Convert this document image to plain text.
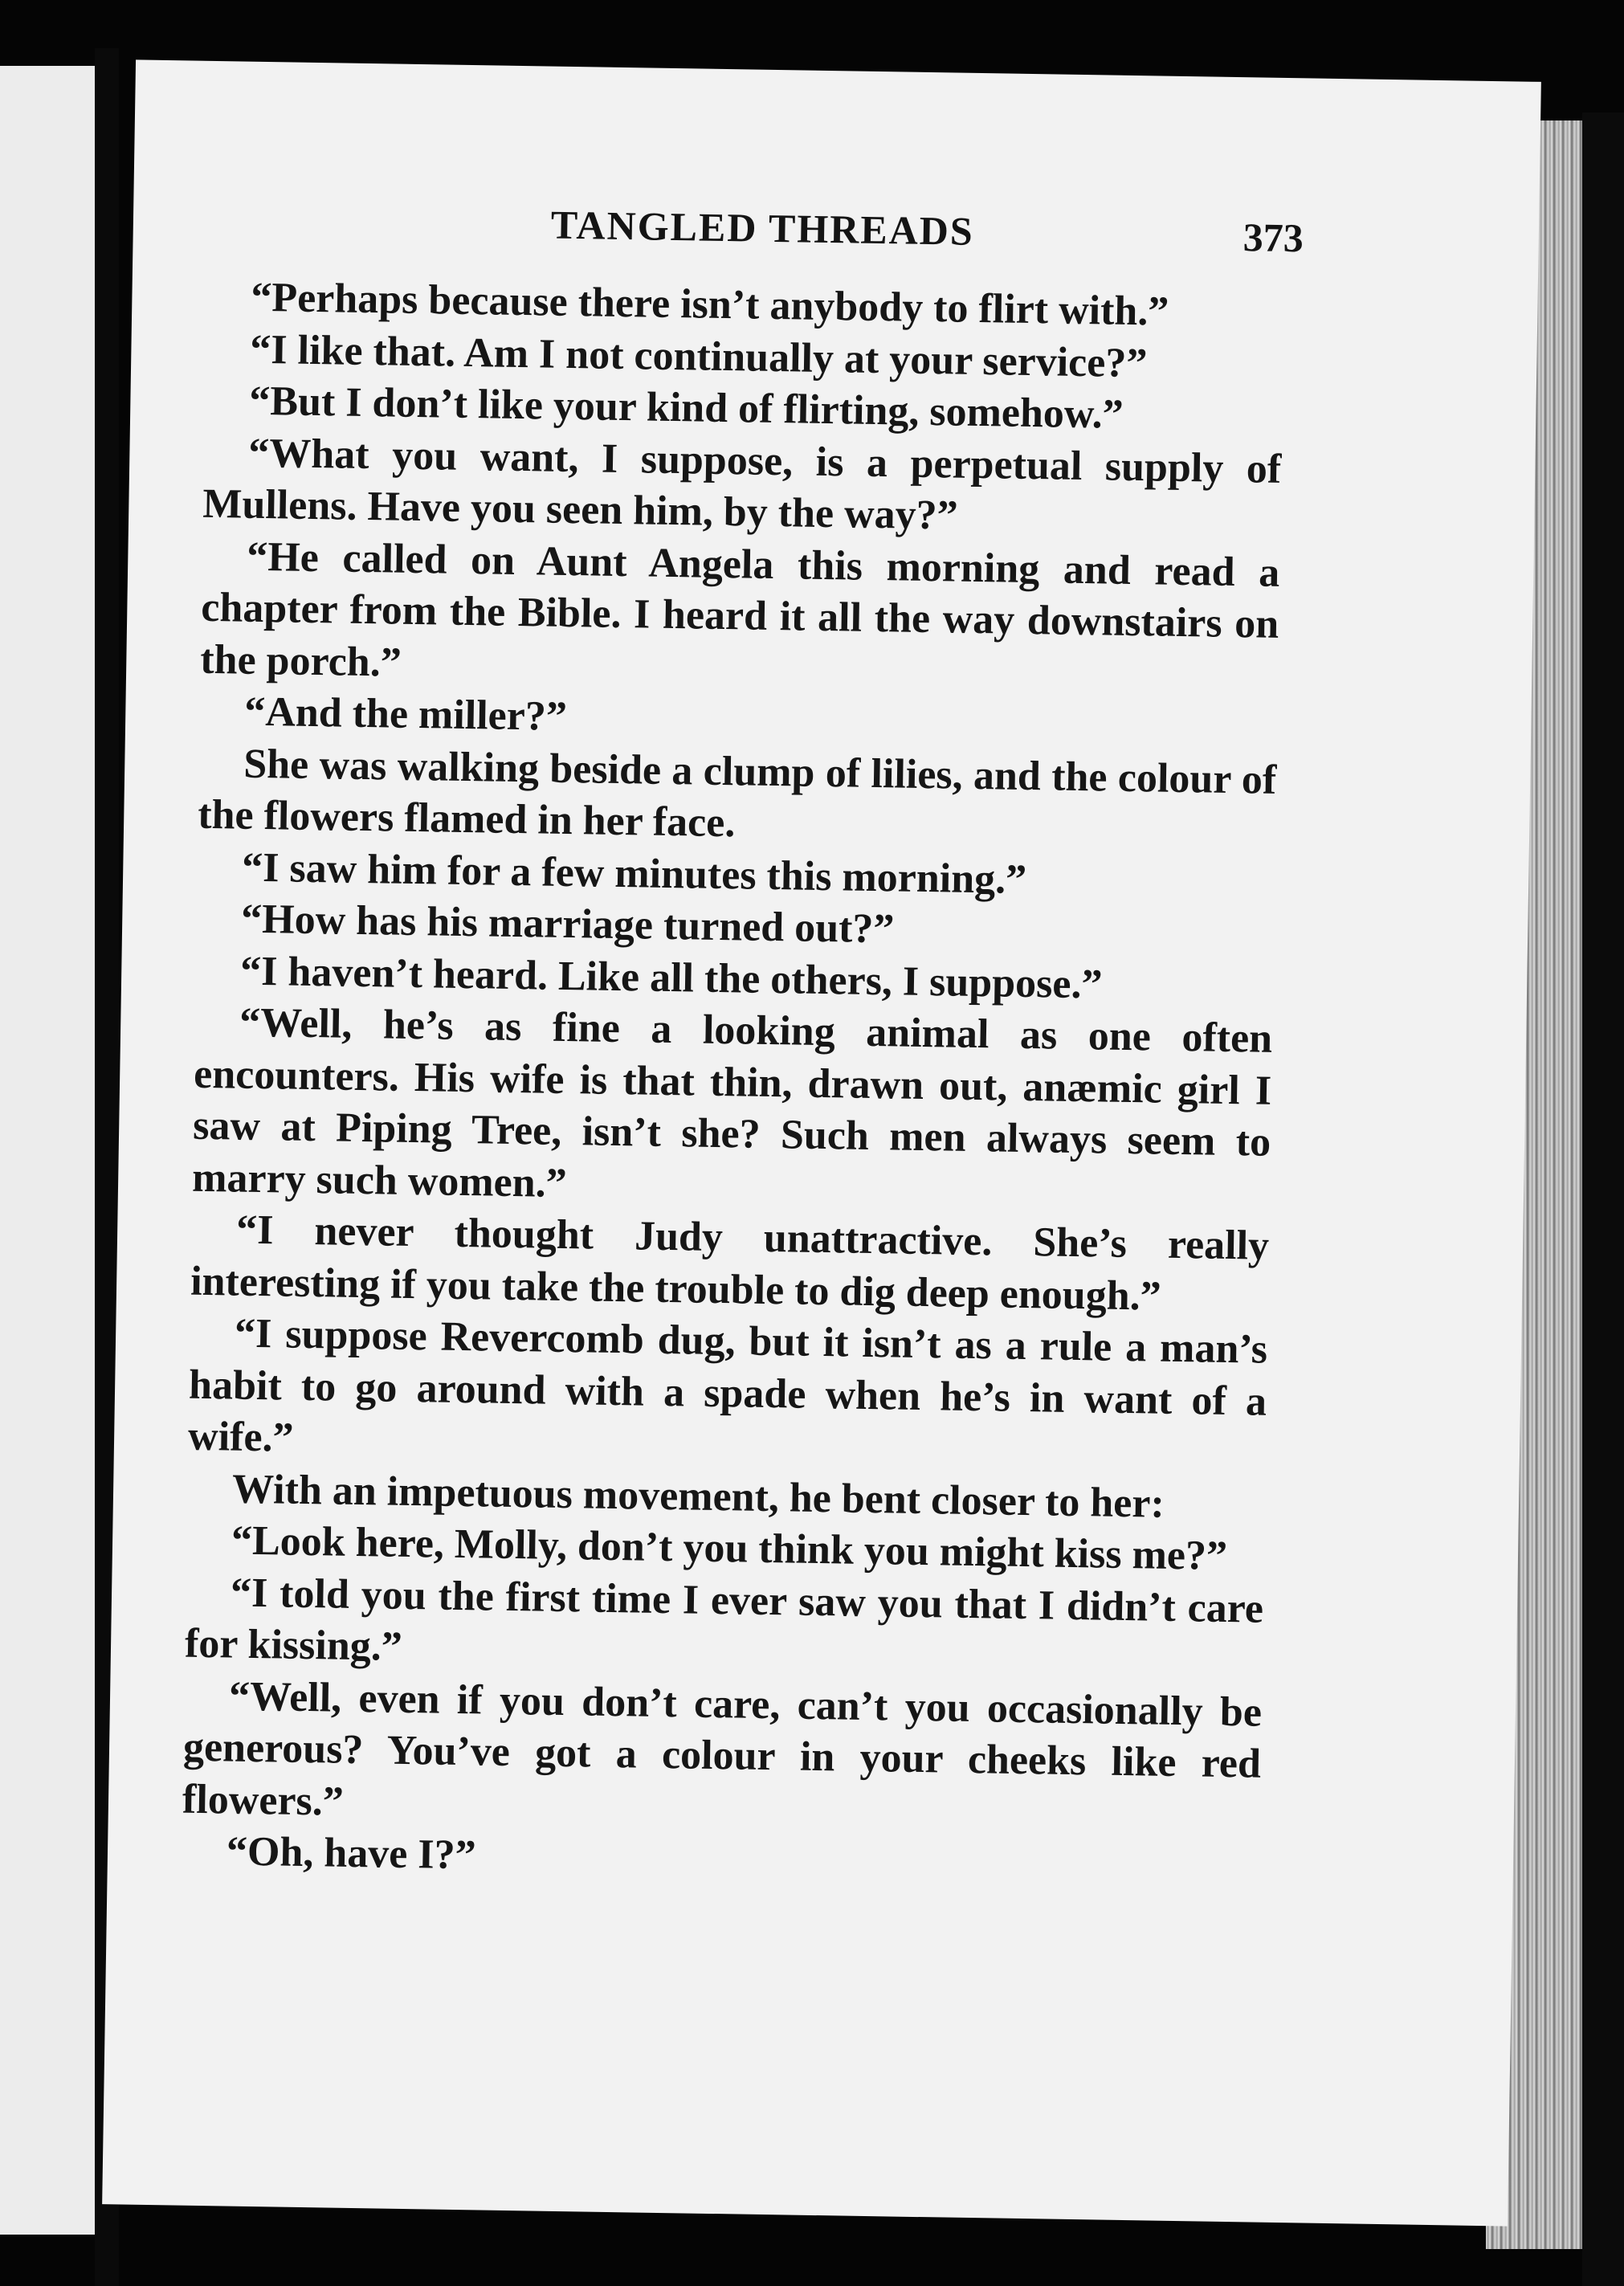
TANGLED THREADS	373

“Perhaps because there isn’t anybody to flirt with.”

“I like that. Am I not continually at your service?”

“But I don’t like your kind of flirting, somehow.”

“What you want, I suppose, is a perpetual supply of Mullens. Have you seen him, by the way?”

“He called on Aunt Angela this morning and read a chapter from the Bible. I heard it all the way downstairs on the porch.”

“And the miller?”

She was walking beside a clump of lilies, and the colour of the flowers flamed in her face.

“I saw him for a few minutes this morning.”

“How has his marriage turned out?”

“I haven’t heard. Like all the others, I suppose.”

“Well, he’s as fine a looking animal as one often encounters. His wife is that thin, drawn out, anæmic girl I saw at Piping Tree, isn’t she? Such men always seem to marry such women.”

“I never thought Judy unattractive. She’s really interesting if you take the trouble to dig deep enough.”

“I suppose Revercomb dug, but it isn’t as a rule a man’s habit to go around with a spade when he’s in want of a wife.”

With an impetuous movement, he bent closer to her:

“Look here, Molly, don’t you think you might kiss me?”

“I told you the first time I ever saw you that I didn’t care for kissing.”

“Well, even if you don’t care, can’t you occasionally be generous? You’ve got a colour in your cheeks like red flowers.”

“Oh, have I?”
